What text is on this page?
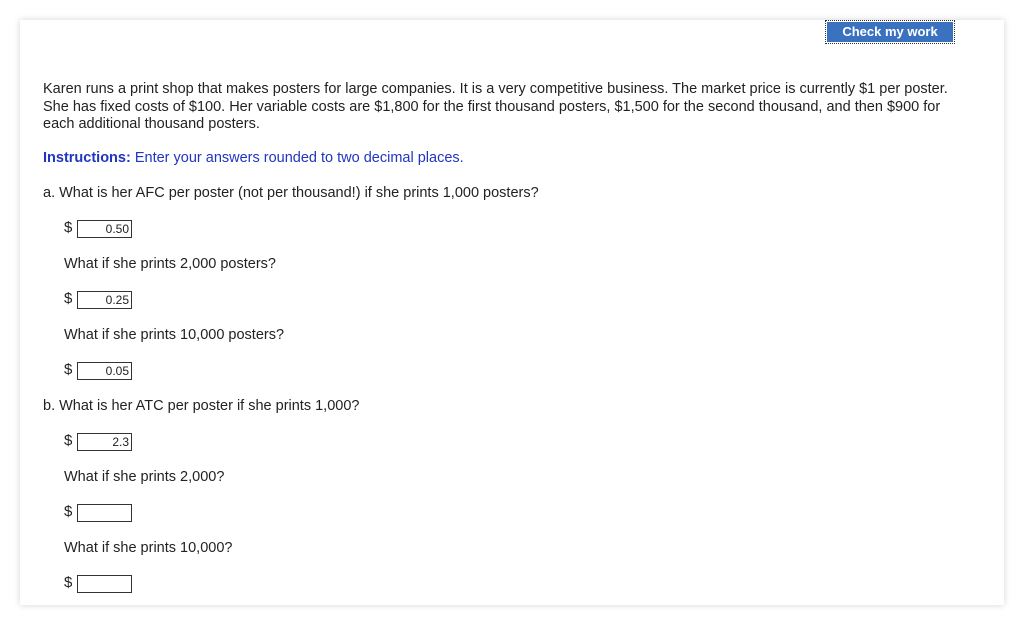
Check my work
Karen runs a print shop that makes posters for large companies. It is a very competitive business. The market price is currently $1 per poster. She has fixed costs of $100. Her variable costs are $1,800 for the first thousand posters, $1,500 for the second thousand, and then $900 for each additional thousand posters.
Instructions: Enter your answers rounded to two decimal places.
a. What is her AFC per poster (not per thousand!) if she prints 1,000 posters?
$
0.50
What if she prints 2,000 posters?
$
0.25
What if she prints 10,000 posters?
$
0.05
b. What is her ATC per poster if she prints 1,000?
$
2.3
What if she prints 2,000?
$
What if she prints 10,000?
$
